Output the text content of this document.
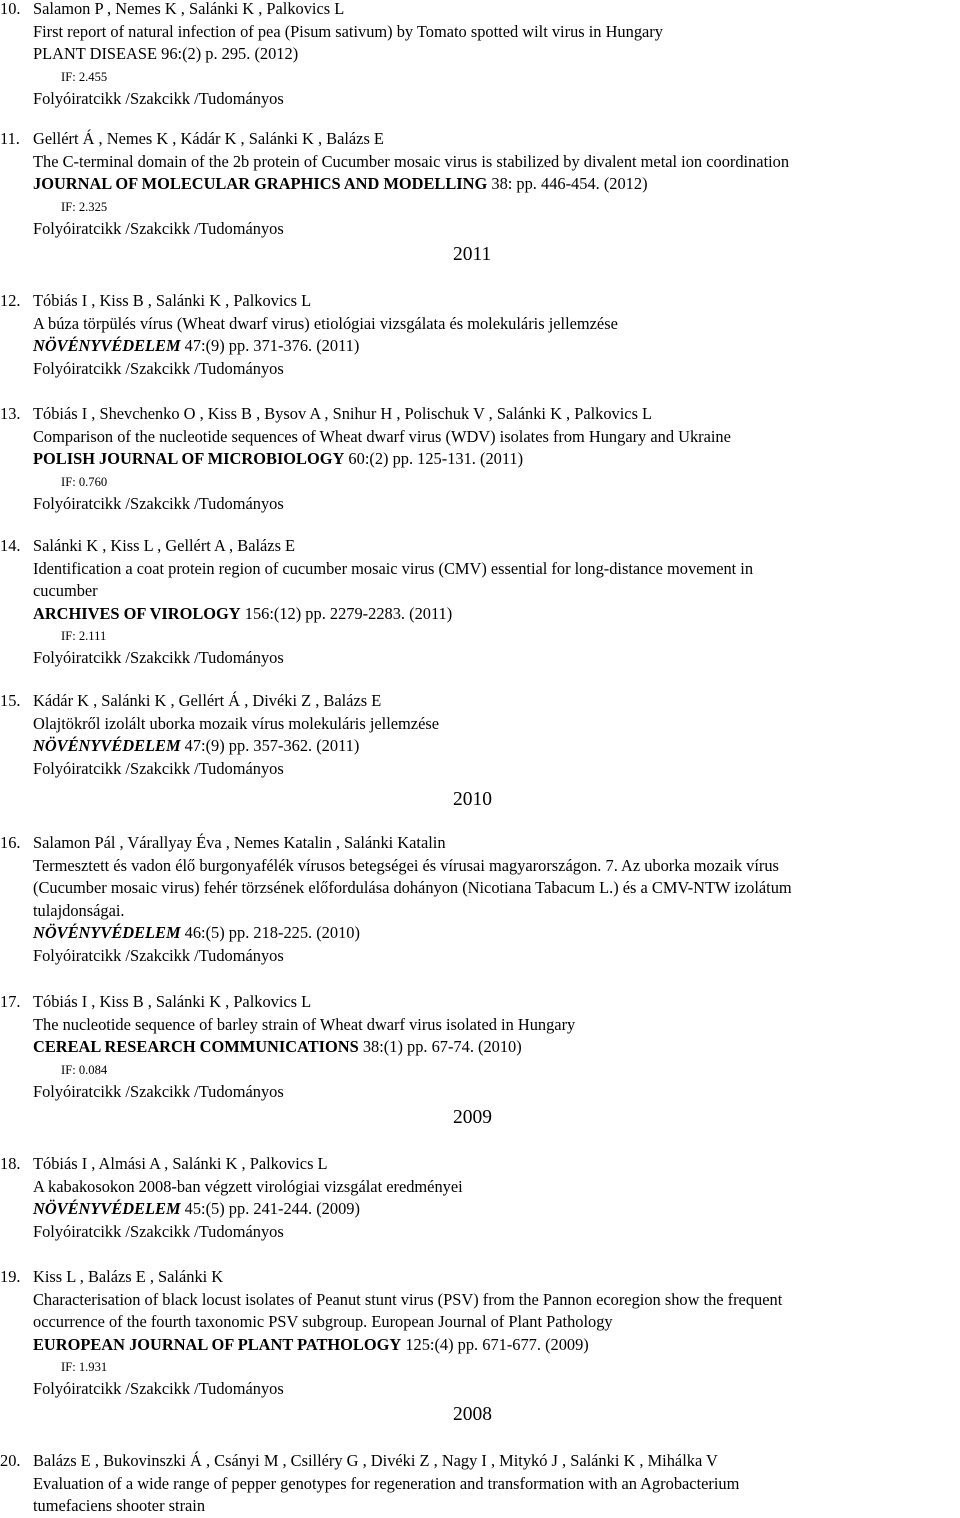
10. Salamon P , Nemes K , Salánki K , Palkovics L
First report of natural infection of pea (Pisum sativum) by Tomato spotted wilt virus in Hungary
PLANT DISEASE 96:(2) p. 295. (2012)
IF: 2.455
Folyóiratcikk /Szakcikk /Tudományos
11. Gellért Á , Nemes K , Kádár K , Salánki K , Balázs E
The C-terminal domain of the 2b protein of Cucumber mosaic virus is stabilized by divalent metal ion coordination
JOURNAL OF MOLECULAR GRAPHICS AND MODELLING 38: pp. 446-454. (2012)
IF: 2.325
Folyóiratcikk /Szakcikk /Tudományos
2011
12. Tóbiás I , Kiss B , Salánki K , Palkovics L
A búza törpülés vírus (Wheat dwarf virus) etiológiai vizsgálata és molekuláris jellemzése
NÖVÉNYVÉDELEM 47:(9) pp. 371-376. (2011)
Folyóiratcikk /Szakcikk /Tudományos
13. Tóbiás I , Shevchenko O , Kiss B , Bysov A , Snihur H , Polischuk V , Salánki K , Palkovics L
Comparison of the nucleotide sequences of Wheat dwarf virus (WDV) isolates from Hungary and Ukraine
POLISH JOURNAL OF MICROBIOLOGY 60:(2) pp. 125-131. (2011)
IF: 0.760
Folyóiratcikk /Szakcikk /Tudományos
14. Salánki K , Kiss L , Gellért A , Balázs E
Identification a coat protein region of cucumber mosaic virus (CMV) essential for long-distance movement in
cucumber
ARCHIVES OF VIROLOGY 156:(12) pp. 2279-2283. (2011)
IF: 2.111
Folyóiratcikk /Szakcikk /Tudományos
15. Kádár K , Salánki K , Gellért Á , Divéki Z , Balázs E
Olajtökről izolált uborka mozaik vírus molekuláris jellemzése
NÖVÉNYVÉDELEM 47:(9) pp. 357-362. (2011)
Folyóiratcikk /Szakcikk /Tudományos
2010
16. Salamon Pál , Várallyay Éva , Nemes Katalin , Salánki Katalin
Termesztett és vadon élő burgonyafélék vírusos betegségei és vírusai magyarországon. 7. Az uborka mozaik vírus
(Cucumber mosaic virus) fehér törzsének előfordulása dohányon (Nicotiana Tabacum L.) és a CMV-NTW izolátum
tulajdonságai.
NÖVÉNYVÉDELEM 46:(5) pp. 218-225. (2010)
Folyóiratcikk /Szakcikk /Tudományos
17. Tóbiás I , Kiss B , Salánki K , Palkovics L
The nucleotide sequence of barley strain of Wheat dwarf virus isolated in Hungary
CEREAL RESEARCH COMMUNICATIONS 38:(1) pp. 67-74. (2010)
IF: 0.084
Folyóiratcikk /Szakcikk /Tudományos
2009
18. Tóbiás I , Almási A , Salánki K , Palkovics L
A kabakosokon 2008-ban végzett virológiai vizsgálat eredményei
NÖVÉNYVÉDELEM 45:(5) pp. 241-244. (2009)
Folyóiratcikk /Szakcikk /Tudományos
19. Kiss L , Balázs E , Salánki K
Characterisation of black locust isolates of Peanut stunt virus (PSV) from the Pannon ecoregion show the frequent
occurrence of the fourth taxonomic PSV subgroup. European Journal of Plant Pathology
EUROPEAN JOURNAL OF PLANT PATHOLOGY 125:(4) pp. 671-677. (2009)
IF: 1.931
Folyóiratcikk /Szakcikk /Tudományos
2008
20. Balázs E , Bukovinszki Á , Csányi M , Csilléry G , Divéki Z , Nagy I , Mitykó J , Salánki K , Mihálka V
Evaluation of a wide range of pepper genotypes for regeneration and transformation with an Agrobacterium
tumefaciens shooter strain
